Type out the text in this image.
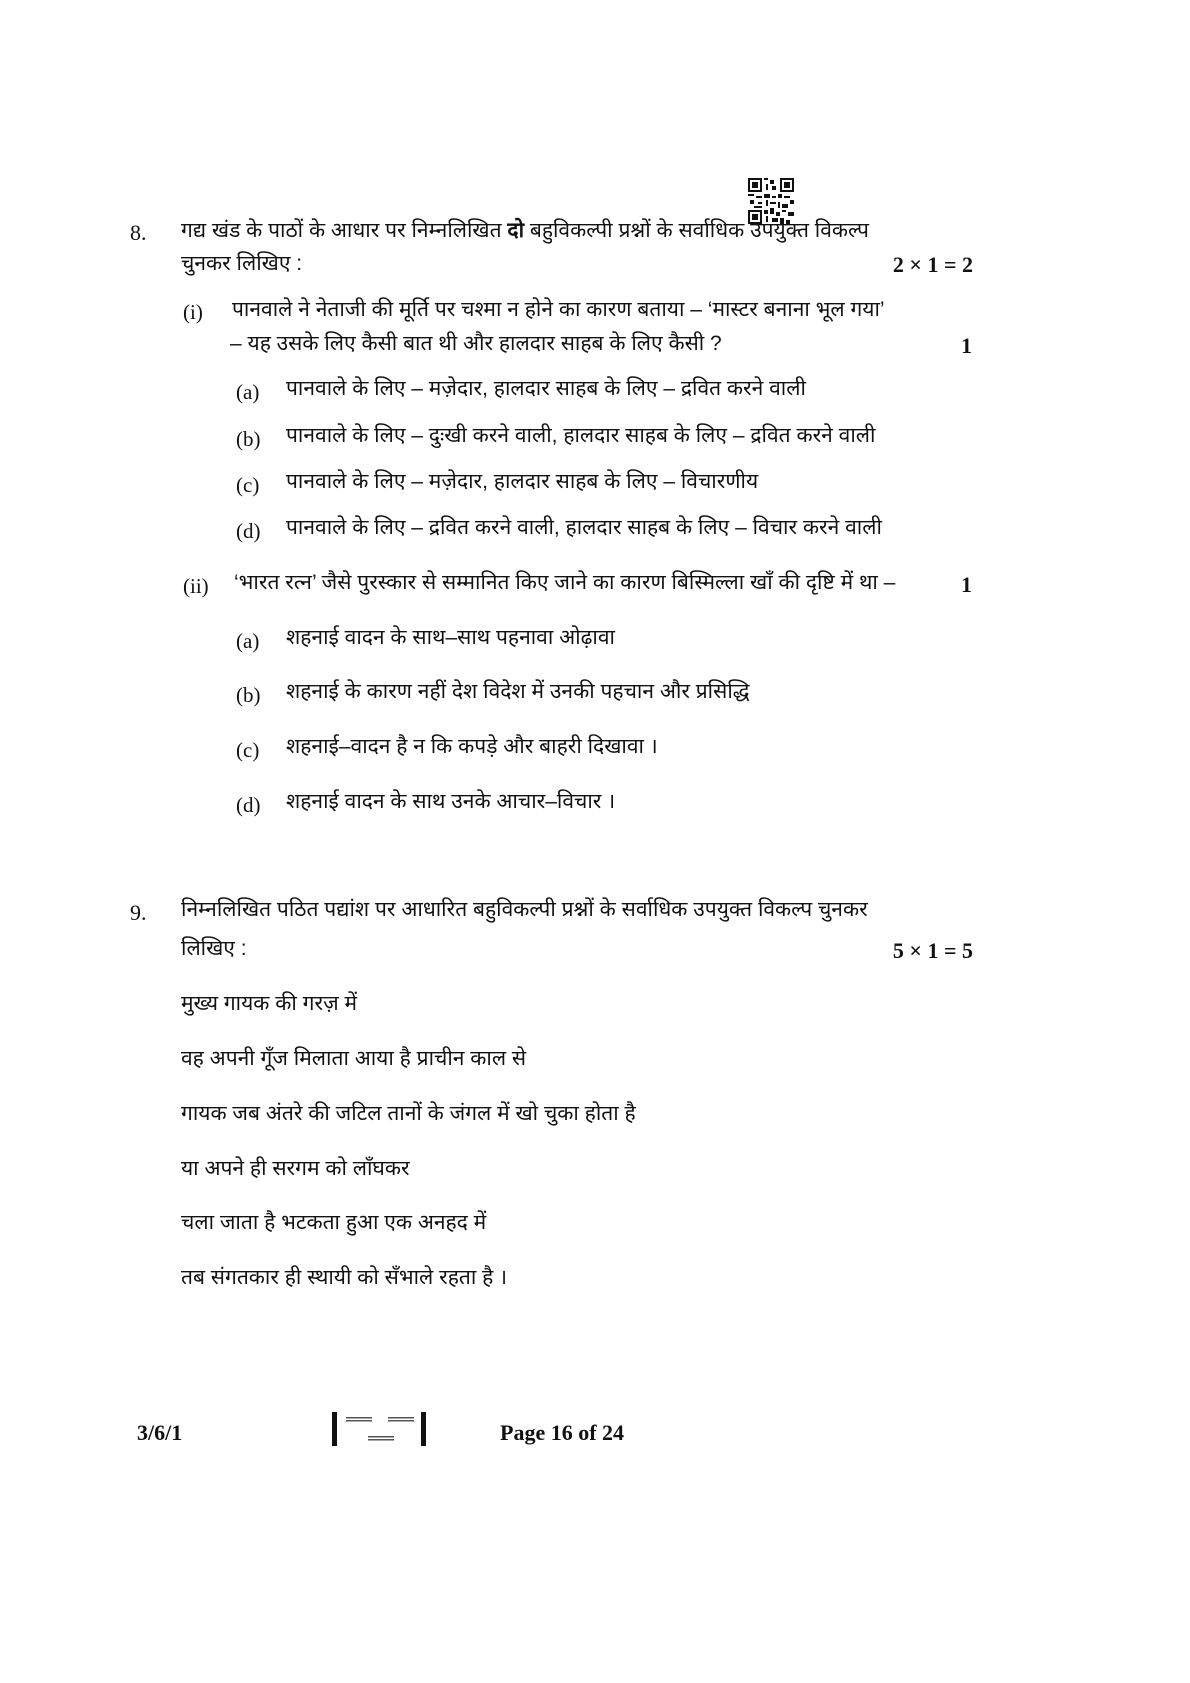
8. गद्य खंड के पाठों के आधार पर निम्नलिखित दो बहुविकल्पी प्रश्नों के सर्वाधिक उपयुक्त विकल्प
चुनकर लिखिए :	2 × 1 = 2
(i) पानवाले ने नेताजी की मूर्ति पर चश्मा न होने का कारण बताया – ‘मास्टर बनाना भूल गया’
– यह उसके लिए कैसी बात थी और हालदार साहब के लिए कैसी ?	1
(a) पानवाले के लिए – मज़ेदार, हालदार साहब के लिए – द्रवित करने वाली
(b) पानवाले के लिए – दुःखी करने वाली, हालदार साहब के लिए – द्रवित करने वाली
(c) पानवाले के लिए – मज़ेदार, हालदार साहब के लिए – विचारणीय
(d) पानवाले के लिए – द्रवित करने वाली, हालदार साहब के लिए – विचार करने वाली
(ii) ‘भारत रत्न’ जैसे पुरस्कार से सम्मानित किए जाने का कारण बिस्मिल्ला खाँ की दृष्टि में था –	1
(a) शहनाई वादन के साथ–साथ पहनावा ओढ़ावा
(b) शहनाई के कारण नहीं देश विदेश में उनकी पहचान और प्रसिद्धि
(c) शहनाई–वादन है न कि कपड़े और बाहरी दिखावा ।
(d) शहनाई वादन के साथ उनके आचार–विचार ।
9. निम्नलिखित पठित पद्यांश पर आधारित बहुविकल्पी प्रश्नों के सर्वाधिक उपयुक्त विकल्प चुनकर
लिखिए :	5 × 1 = 5
मुख्य गायक की गरज़ में
वह अपनी गूँज मिलाता आया है प्राचीन काल से
गायक जब अंतरे की जटिल तानों के जंगल में खो चुका होता है
या अपने ही सरगम को लाँघकर
चला जाता है भटकता हुआ एक अनहद में
तब संगतकार ही स्थायी को सँभाले रहता है ।
3/6/1	Page 16 of 24
